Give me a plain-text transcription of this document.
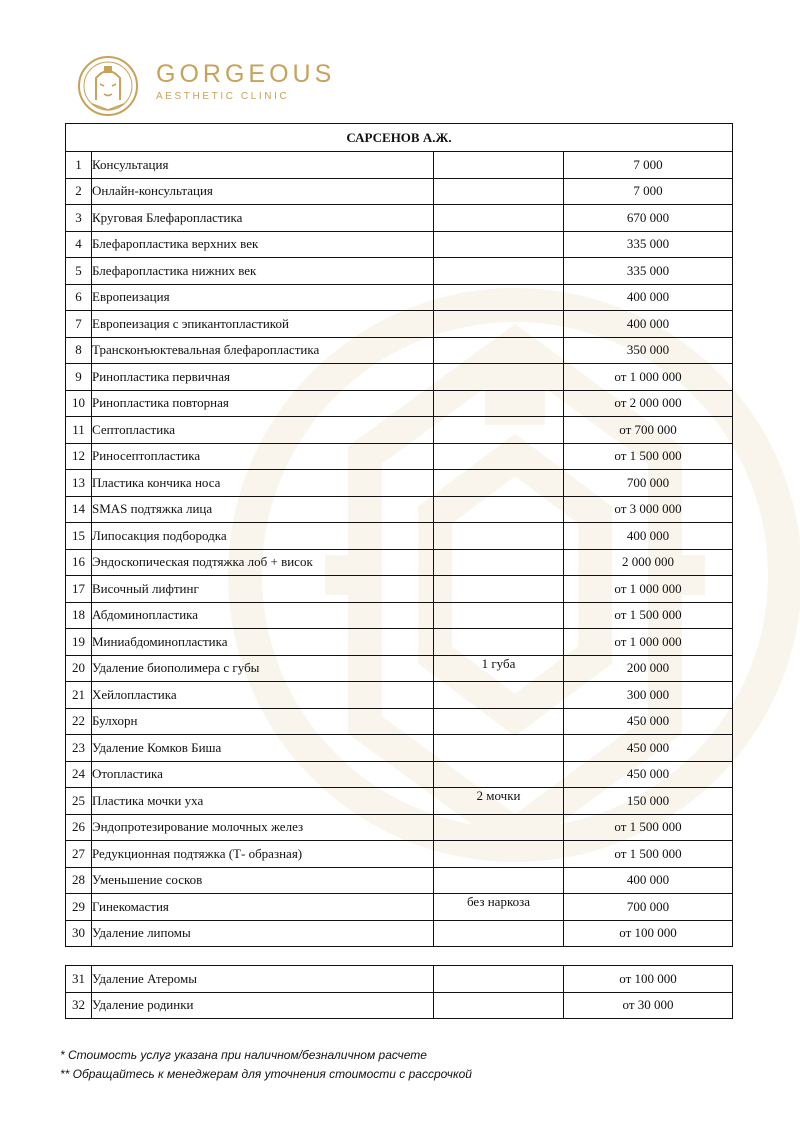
GORGEOUS
AESTHETIC CLINIC
САРСЕНОВ А.Ж.			
1	Консультация		7 000
2	Онлайн-консультация		7 000
3	Круговая Блефаропластика		670 000
4	Блефаропластика верхних век		335 000
5	Блефаропластика нижних век		335 000
6	Европеизация		400 000
7	Европеизация с эпикантопластикой		400 000
8	Трансконъюктевальная блефаропластика		350 000
9	Ринопластика первичная		от 1 000 000
10	Ринопластика повторная		от 2 000 000
11	Септопластика		от 700 000
12	Риносептопластика		от 1 500 000
13	Пластика кончика носа		700 000
14	SMAS подтяжка лица		от 3 000 000
15	Липосакция подбородка		400 000
16	Эндоскопическая подтяжка лоб + висок		2 000 000
17	Височный лифтинг		от 1 000 000
18	Абдоминопластика		от 1 500 000
19	Миниабдоминопластика		от 1 000 000
20	Удаление биополимера с губы	1 губа	200 000
21	Хейлопластика		300 000
22	Булхорн		450 000
23	Удаление Комков Биша		450 000
24	Отопластика		450 000
25	Пластика мочки уха	2 мочки	150 000
26	Эндопротезирование молочных желез		от 1 500 000
27	Редукционная подтяжка (Т- образная)		от 1 500 000
28	Уменьшение сосков		400 000
29	Гинекомастия	без наркоза	700 000
30	Удаление липомы		от 100 000
31	Удаление Атеромы		от 100 000
32	Удаление родинки		от 30 000
* Стоимость услуг указана при наличном/безналичном расчете
** Обращайтесь к менеджерам для уточнения стоимости с рассрочкой
